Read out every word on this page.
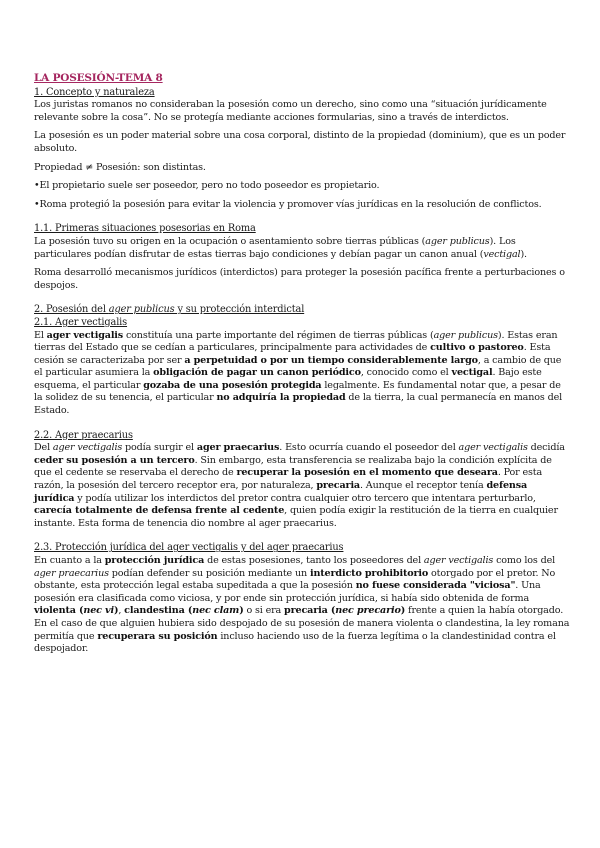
LA POSESIÓN-TEMA 8
1. Concepto y naturaleza

Los juristas romanos no consideraban la posesión como un derecho, sino como una “situación jurídicamente relevante sobre la cosa”. No se protegía mediante acciones formularias, sino a través de interdictos.

La posesión es un poder material sobre una cosa corporal, distinto de la propiedad (dominium), que es un poder absoluto.

Propiedad ≠ Posesión: son distintas.

•El propietario suele ser poseedor, pero no todo poseedor es propietario.

•Roma protegió la posesión para evitar la violencia y promover vías jurídicas en la resolución de conflictos.

1.1. Primeras situaciones posesorias en Roma

La posesión tuvo su origen en la ocupación o asentamiento sobre tierras públicas (ager publicus). Los particulares podían disfrutar de estas tierras bajo condiciones y debían pagar un canon anual (vectigal).

Roma desarrolló mecanismos jurídicos (interdictos) para proteger la posesión pacífica frente a perturbaciones o despojos.

2. Posesión del ager publicus y su protección interdictal
2.1. Ager vectigalis

El ager vectigalis constituía una parte importante del régimen de tierras públicas (ager publicus). Estas eran tierras del Estado que se cedían a particulares, principalmente para actividades de cultivo o pastoreo. Esta cesión se caracterizaba por ser a perpetuidad o por un tiempo considerablemente largo, a cambio de que el particular asumiera la obligación de pagar un canon periódico, conocido como el vectigal. Bajo este esquema, el particular gozaba de una posesión protegida legalmente. Es fundamental notar que, a pesar de la solidez de su tenencia, el particular no adquiría la propiedad de la tierra, la cual permanecía en manos del Estado.

2.2. Ager praecarius

Del ager vectigalis podía surgir el ager praecarius. Esto ocurría cuando el poseedor del ager vectigalis decidía ceder su posesión a un tercero. Sin embargo, esta transferencia se realizaba bajo la condición explícita de que el cedente se reservaba el derecho de recuperar la posesión en el momento que deseara. Por esta razón, la posesión del tercero receptor era, por naturaleza, precaria. Aunque el receptor tenía defensa jurídica y podía utilizar los interdictos del pretor contra cualquier otro tercero que intentara perturbarlo, carecía totalmente de defensa frente al cedente, quien podía exigir la restitución de la tierra en cualquier instante. Esta forma de tenencia dio nombre al ager praecarius.

2.3. Protección jurídica del ager vectigalis y del ager praecarius

En cuanto a la protección jurídica de estas posesiones, tanto los poseedores del ager vectigalis como los del ager praecarius podían defender su posición mediante un interdicto prohibitorio otorgado por el pretor. No obstante, esta protección legal estaba supeditada a que la posesión no fuese considerada "viciosa". Una posesión era clasificada como viciosa, y por ende sin protección jurídica, si había sido obtenida de forma violenta (nec vi), clandestina (nec clam) o si era precaria (nec precario) frente a quien la había otorgado. En el caso de que alguien hubiera sido despojado de su posesión de manera violenta o clandestina, la ley romana permitía que recuperara su posición incluso haciendo uso de la fuerza legítima o la clandestinidad contra el despojador.
